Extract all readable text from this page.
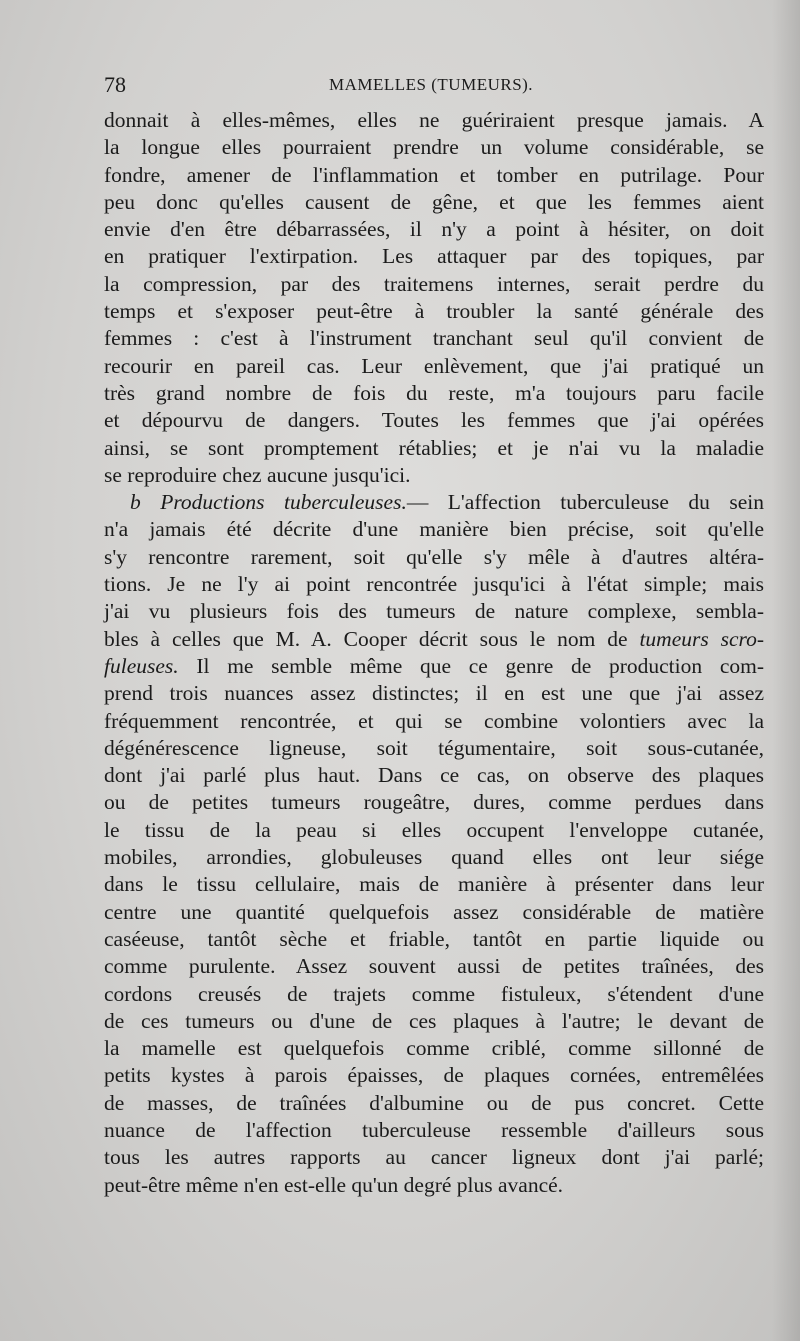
78	MAMELLES (TUMEURS).
donnait à elles-mêmes, elles ne guériraient presque jamais. A
la longue elles pourraient prendre un volume considérable, se
fondre, amener de l'inflammation et tomber en putrilage. Pour
peu donc qu'elles causent de gêne, et que les femmes aient
envie d'en être débarrassées, il n'y a point à hésiter, on doit
en pratiquer l'extirpation. Les attaquer par des topiques, par
la compression, par des traitemens internes, serait perdre du
temps et s'exposer peut-être à troubler la santé générale des
femmes : c'est à l'instrument tranchant seul qu'il convient de
recourir en pareil cas. Leur enlèvement, que j'ai pratiqué un
très grand nombre de fois du reste, m'a toujours paru facile
et dépourvu de dangers. Toutes les femmes que j'ai opérées
ainsi, se sont promptement rétablies; et je n'ai vu la maladie
se reproduire chez aucune jusqu'ici.
b Productions tuberculeuses.— L'affection tuberculeuse du sein
n'a jamais été décrite d'une manière bien précise, soit qu'elle
s'y rencontre rarement, soit qu'elle s'y mêle à d'autres altéra-
tions. Je ne l'y ai point rencontrée jusqu'ici à l'état simple; mais
j'ai vu plusieurs fois des tumeurs de nature complexe, sembla-
bles à celles que M. A. Cooper décrit sous le nom de tumeurs scro-
fuleuses. Il me semble même que ce genre de production com-
prend trois nuances assez distinctes; il en est une que j'ai assez
fréquemment rencontrée, et qui se combine volontiers avec la
dégénérescence ligneuse, soit tégumentaire, soit sous-cutanée,
dont j'ai parlé plus haut. Dans ce cas, on observe des plaques
ou de petites tumeurs rougeâtre, dures, comme perdues dans
le tissu de la peau si elles occupent l'enveloppe cutanée,
mobiles, arrondies, globuleuses quand elles ont leur siége
dans le tissu cellulaire, mais de manière à présenter dans leur
centre une quantité quelquefois assez considérable de matière
caséeuse, tantôt sèche et friable, tantôt en partie liquide ou
comme purulente. Assez souvent aussi de petites traînées, des
cordons creusés de trajets comme fistuleux, s'étendent d'une
de ces tumeurs ou d'une de ces plaques à l'autre; le devant de
la mamelle est quelquefois comme criblé, comme sillonné de
petits kystes à parois épaisses, de plaques cornées, entremêlées
de masses, de traînées d'albumine ou de pus concret. Cette
nuance de l'affection tuberculeuse ressemble d'ailleurs sous
tous les autres rapports au cancer ligneux dont j'ai parlé;
peut-être même n'en est-elle qu'un degré plus avancé.
